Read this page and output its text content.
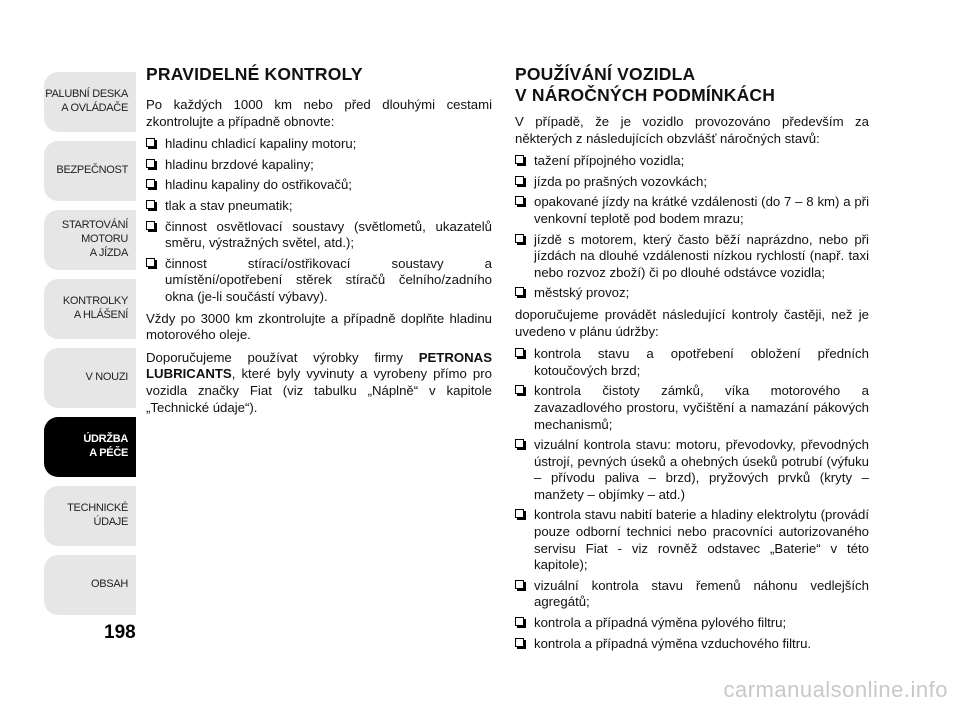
PALUBNÍ DESKA
A OVLÁDAČE
BEZPEČNOST
STARTOVÁNÍ
MOTORU
A JÍZDA
KONTROLKY
A HLÁŠENÍ
V NOUZI
ÚDRŽBA
A PÉČE
TECHNICKÉ
ÚDAJE
OBSAH
198
PRAVIDELNÉ KONTROLY

Po každých 1000 km nebo před dlouhými cestami zkontrolujte a případně obnovte:

hladinu chladicí kapaliny motoru;
hladinu brzdové kapaliny;
hladinu kapaliny do ostřikovačů;
tlak a stav pneumatik;
činnost osvětlovací soustavy (světlometů, ukazatelů směru, výstražných světel, atd.);
činnost stírací/ostřikovací soustavy a umístění/opotřebení stěrek stíračů čelního/zadního okna (je-li součástí výbavy).

Vždy po 3000 km zkontrolujte a případně doplňte hladinu motorového oleje.

Doporučujeme používat výrobky firmy PETRONAS LUBRICANTS, které byly vyvinuty a vyrobeny přímo pro vozidla značky Fiat (viz tabulku „Náplně“ v kapitole „Technické údaje“).

POUŽÍVÁNÍ VOZIDLA
V NÁROČNÝCH PODMÍNKÁCH

V případě, že je vozidlo provozováno především za některých z následujících obzvlášť náročných stavů:

tažení přípojného vozidla;
jízda po prašných vozovkách;
opakované jízdy na krátké vzdálenosti (do 7 – 8 km) a při venkovní teplotě pod bodem mrazu;
jízdě s motorem, který často běží naprázdno, nebo při jízdách na dlouhé vzdálenosti nízkou rychlostí (např. taxi nebo rozvoz zboží) či po dlouhé odstávce vozidla;
městský provoz;

doporučujeme provádět následující kontroly častěji, než je uvedeno v plánu údržby:

kontrola stavu a opotřebení obložení předních kotoučových brzd;
kontrola čistoty zámků, víka motorového a zavazadlového prostoru, vyčištění a namazání pákových mechanismů;
vizuální kontrola stavu: motoru, převodovky, převodných ústrojí, pevných úseků a ohebných úseků potrubí (výfuku – přívodu paliva – brzd), pryžových prvků (kryty – manžety – objímky – atd.)
kontrola stavu nabití baterie a hladiny elektrolytu (provádí pouze odborní technici nebo pracovníci autorizovaného servisu Fiat - viz rovněž odstavec „Baterie“ v této kapitole);
vizuální kontrola stavu řemenů náhonu vedlejších agregátů;
kontrola a případná výměna pylového filtru;
kontrola a případná výměna vzduchového filtru.
carmanualsonline.info
